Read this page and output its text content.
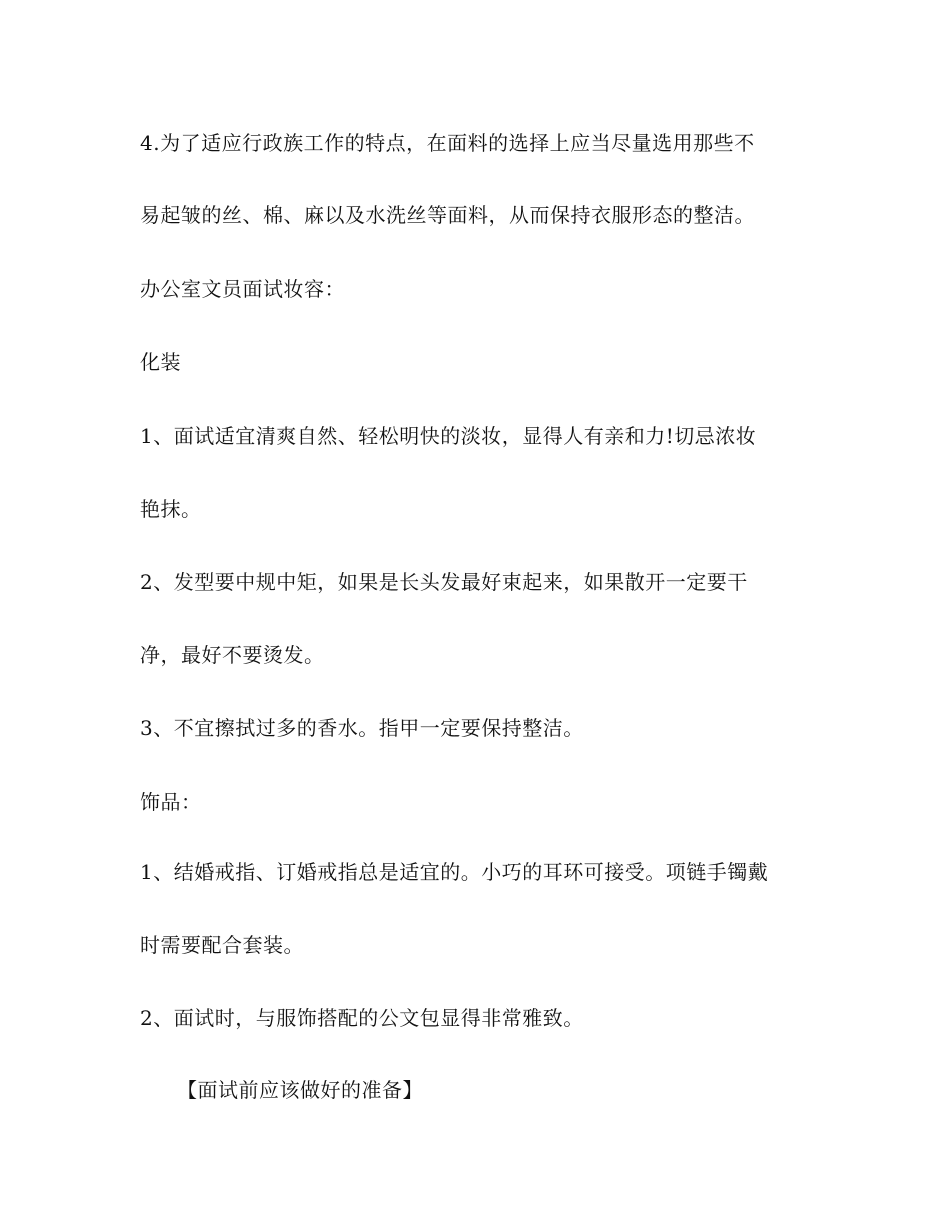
4.为了适应行政族工作的特点，在面料的选择上应当尽量选用那些不
易起皱的丝、棉、麻以及水洗丝等面料，从而保持衣服形态的整洁。
办公室文员面试妆容：
化装
1、面试适宜清爽自然、轻松明快的淡妆，显得人有亲和力!切忌浓妆
艳抹。
2、发型要中规中矩，如果是长头发最好束起来，如果散开一定要干
净，最好不要烫发。
3、不宜擦拭过多的香水。指甲一定要保持整洁。
饰品：
1、结婚戒指、订婚戒指总是适宜的。小巧的耳环可接受。项链手镯戴
时需要配合套装。
2、面试时，与服饰搭配的公文包显得非常雅致。
【面试前应该做好的准备】
